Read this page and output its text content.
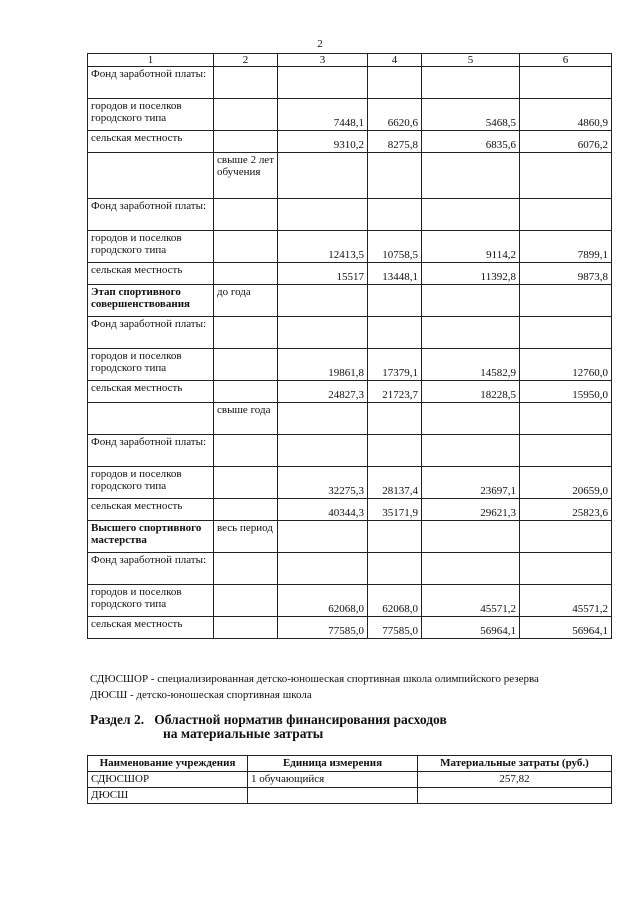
2
1	2	3	4	5	6
Фонд заработной платы:					
городов и поселков городского типа		7448,1	6620,6	5468,5	4860,9
сельская местность		9310,2	8275,8	6835,6	6076,2
	свыше 2 лет обучения				
Фонд заработной платы:					
городов и поселков городского типа		12413,5	10758,5	9114,2	7899,1
сельская местность		15517	13448,1	11392,8	9873,8
Этап спортивного совершенствования	до года				
Фонд заработной платы:					
городов и поселков городского типа		19861,8	17379,1	14582,9	12760,0
сельская местность		24827,3	21723,7	18228,5	15950,0
	свыше года				
Фонд заработной платы:					
городов и поселков городского типа		32275,3	28137,4	23697,1	20659,0
сельская местность		40344,3	35171,9	29621,3	25823,6
Высшего спортивного мастерства	весь период				
Фонд заработной платы:					
городов и поселков городского типа		62068,0	62068,0	45571,2	45571,2
сельская местность		77585,0	77585,0	56964,1	56964,1
СДЮСШОР - специализированная детско-юношеская спортивная школа олимпийского резерва
ДЮСШ - детско-юношеская спортивная школа
Раздел 2. Областной норматив финансирования расходов
на материальные затраты
Наименование учреждения	Единица измерения	Материальные затраты (руб.)
СДЮСШОР	1 обучающийся	257,82
ДЮСШ		
